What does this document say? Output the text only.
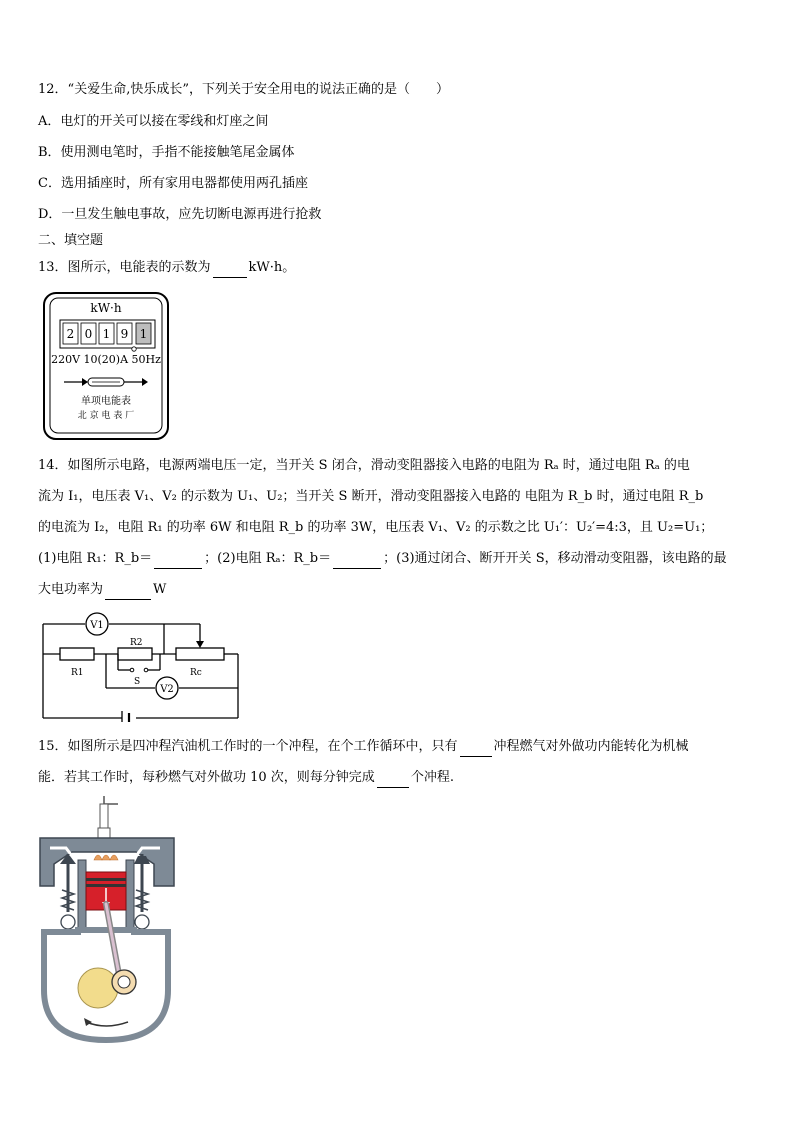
12．“关爱生命,快乐成长”，下列关于安全用电的说法正确的是（　　）
A．电灯的开关可以接在零线和灯座之间
B．使用测电笔时，手指不能接触笔尾金属体
C．选用插座时，所有家用电器都使用两孔插座
D．一旦发生触电事故，应先切断电源再进行抢救
二、填空题
13．图所示，电能表的示数为	kW·h。
kW·h
2 0 1 9 1
220V 10(20)A 50Hz
单项电能表
北 京 电 表 厂
14．如图所示电路，电源两端电压一定，当开关 S 闭合，滑动变阻器接入电路的电阻为 Rₐ 时，通过电阻 Rₐ 的电
流为 I₁，电压表 V₁、V₂ 的示数为 U₁、U₂；当开关 S 断开，滑动变阻器接入电路的 电阻为 R_b 时，通过电阻 R_b
的电流为 I₂，电阻 R₁ 的功率 6W 和电阻 R_b 的功率 3W，电压表 V₁、V₂ 的示数之比 U₁′：U₂′=4:3，且 U₂=U₁；
(1)电阻 R₁：R_b＝	；(2)电阻 Rₐ：R_b＝	；(3)通过闭合、断开开关 S，移动滑动变阻器，该电路的最
大电功率为	W
V1
V2
R1
R2
Rc
S
15．如图所示是四冲程汽油机工作时的一个冲程，在个工作循环中，只有	冲程燃气对外做功内能转化为机械
能．若其工作时，每秒燃气对外做功 10 次，则每分钟完成	个冲程.
